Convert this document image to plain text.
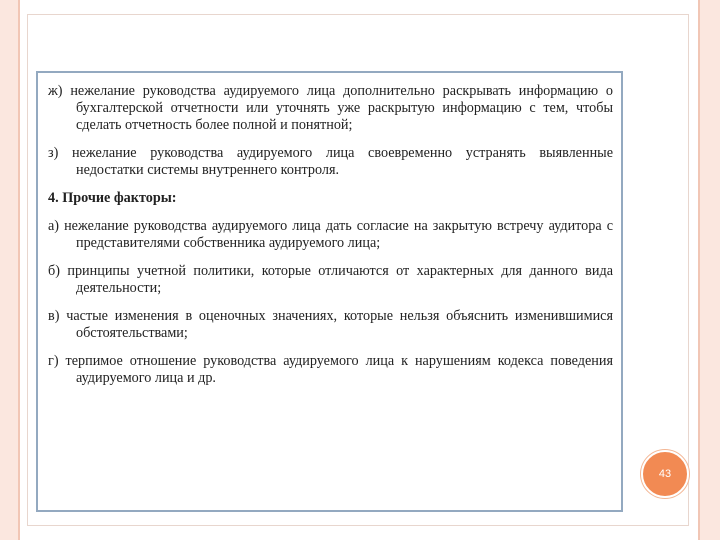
ж) нежелание руководства аудируемого лица дополнительно раскрывать информацию о бухгалтерской отчетности или уточнять уже раскрытую информацию с тем, чтобы сделать отчетность более полной и понятной;

з) нежелание руководства аудируемого лица своевременно устранять выявленные недостатки системы внутреннего контроля.

4. Прочие факторы:

а) нежелание руководства аудируемого лица дать согласие на закрытую встречу аудитора с представителями собственника аудируемого лица;

б) принципы учетной политики, которые отличаются от характерных для данного вида деятельности;

в) частые изменения в оценочных значениях, которые нельзя объяснить изменившимися обстоятельствами;

г) терпимое отношение руководства аудируемого лица к нарушениям кодекса поведения аудируемого лица и др.

43
